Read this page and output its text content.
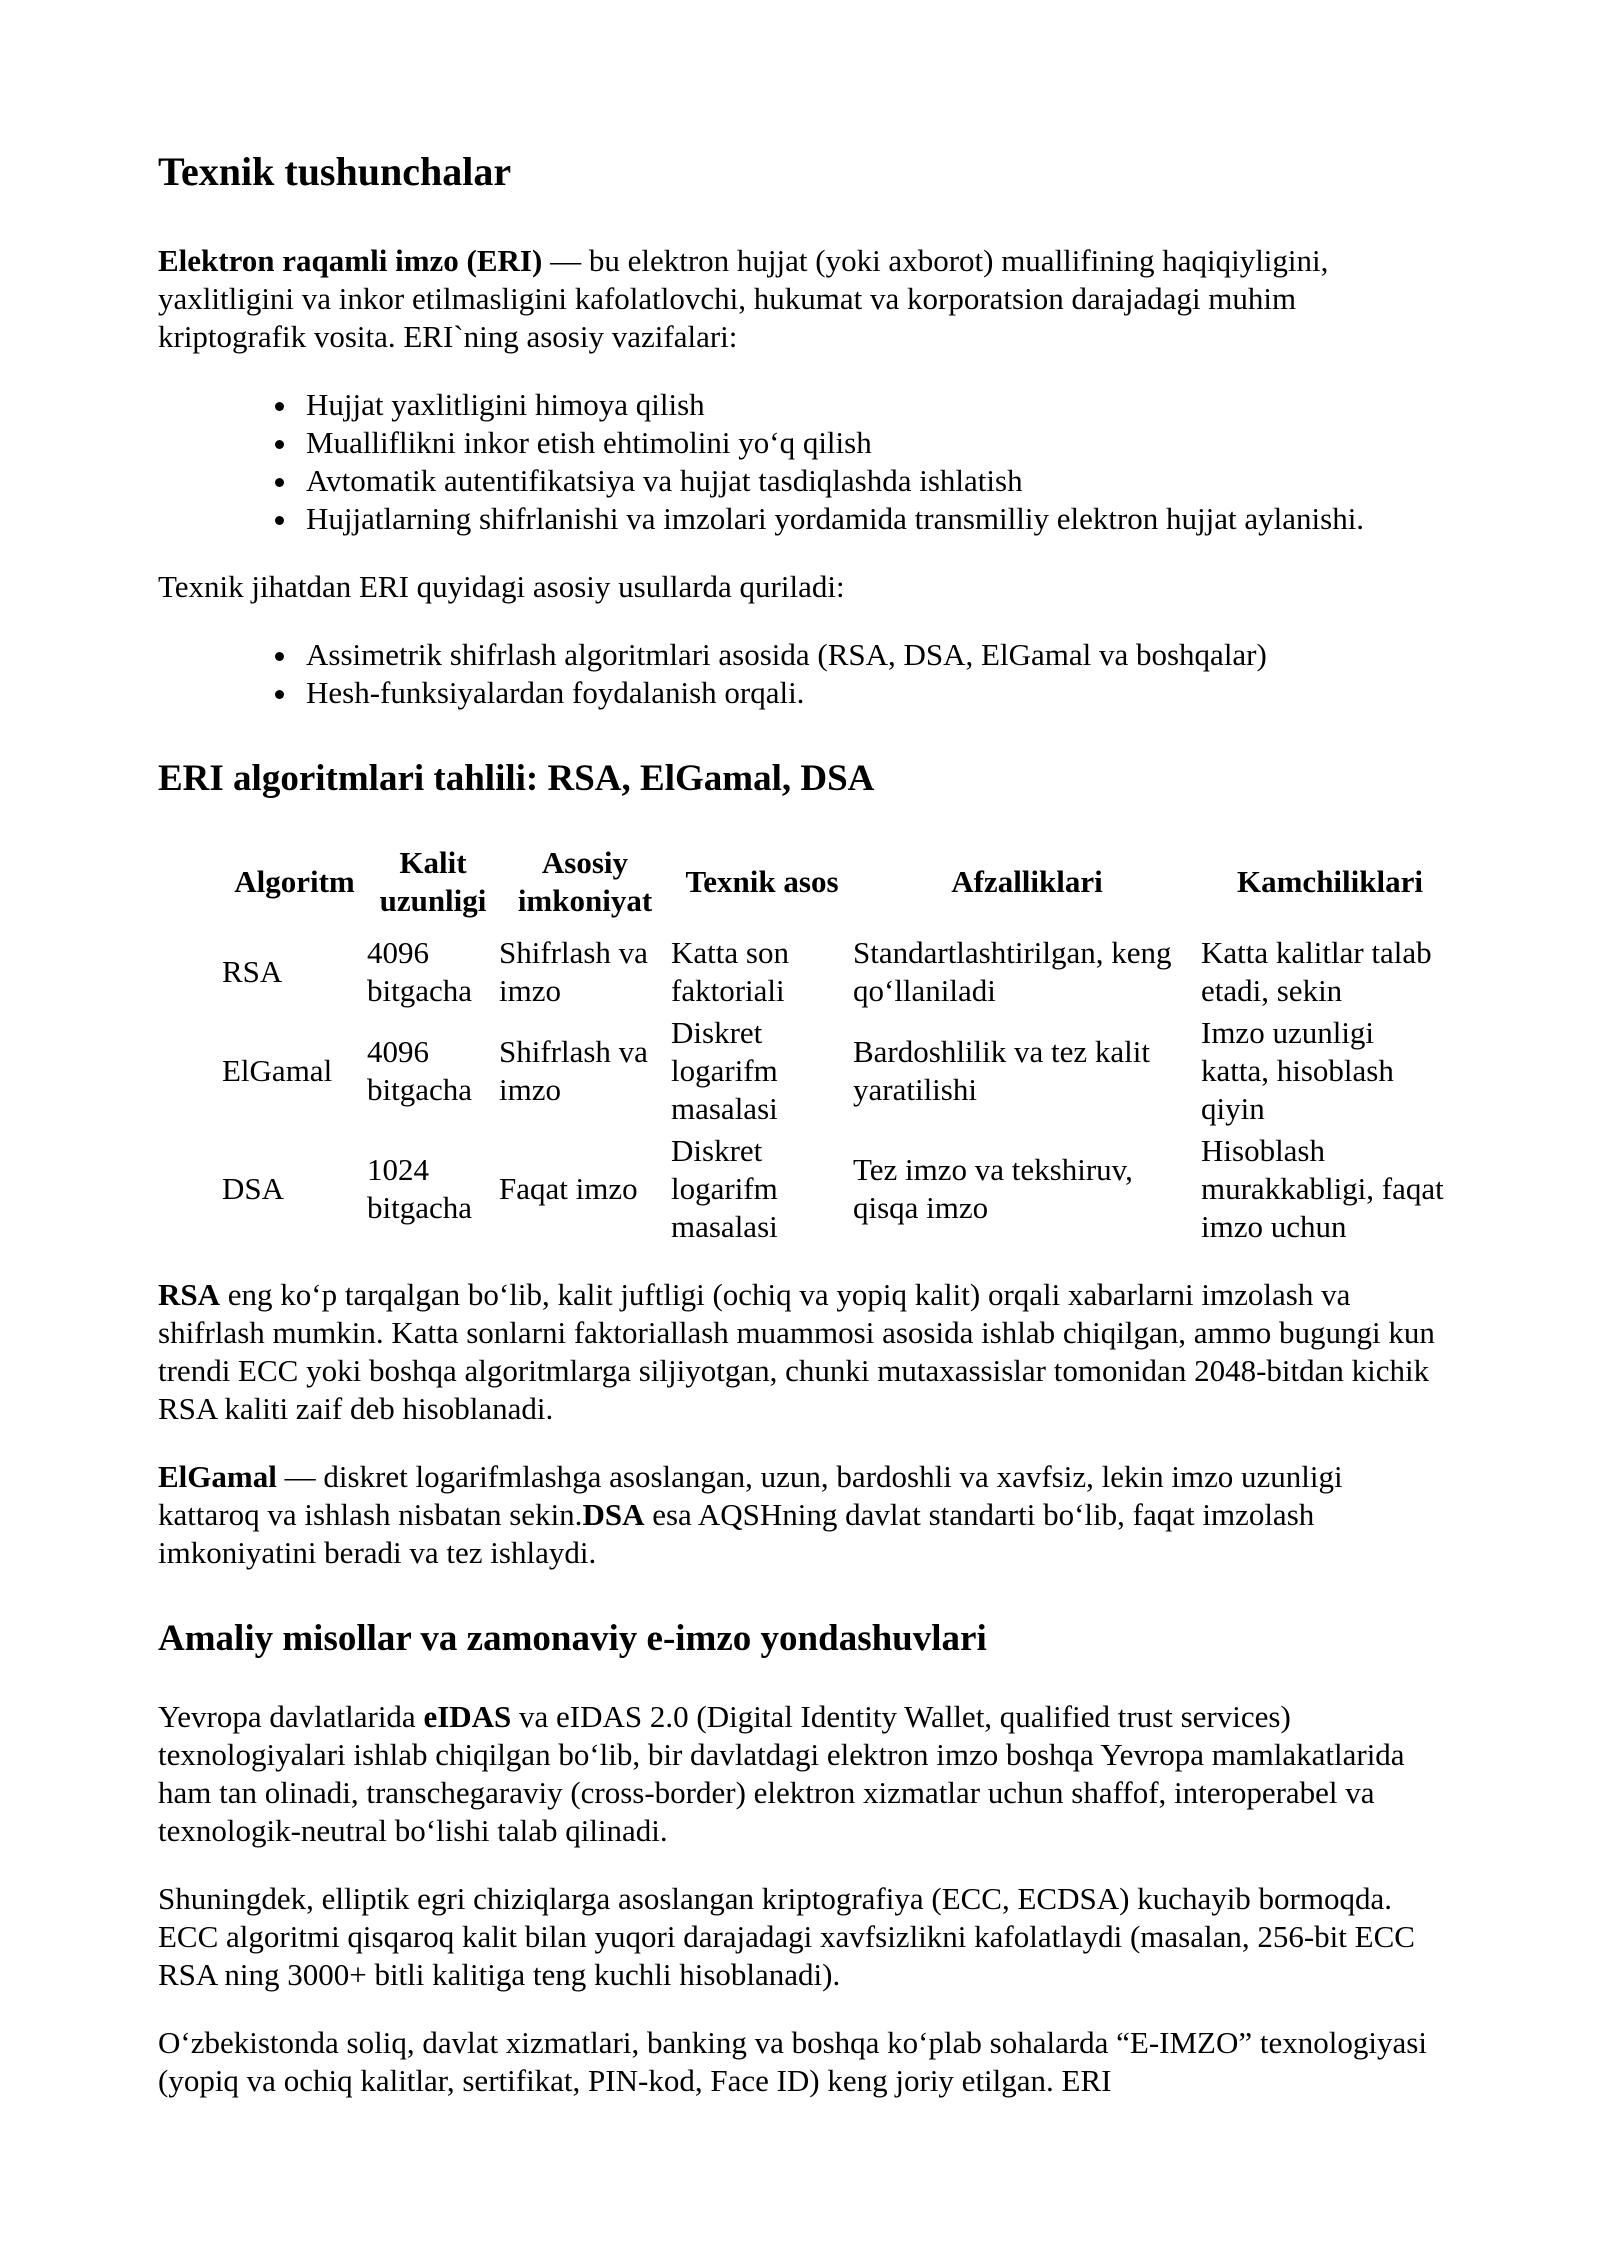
Texnik tushunchalar

Elektron raqamli imzo (ERI) — bu elektron hujjat (yoki axborot) muallifining haqiqiyligini, yaxlitligini va inkor etilmasligini kafolatlovchi, hukumat va korporatsion darajadagi muhim kriptografik vosita. ERI`ning asosiy vazifalari:

• Hujjat yaxlitligini himoya qilish
• Mualliflikni inkor etish ehtimolini yo‘q qilish
• Avtomatik autentifikatsiya va hujjat tasdiqlashda ishlatish
• Hujjatlarning shifrlanishi va imzolari yordamida transmilliy elektron hujjat aylanishi.

Texnik jihatdan ERI quyidagi asosiy usullarda quriladi:

• Assimetrik shifrlash algoritmlari asosida (RSA, DSA, ElGamal va boshqalar)
• Hesh-funksiyalardan foydalanish orqali.
ERI algoritmlari tahlili: RSA, ElGamal, DSA
Algoritm	Kalit uzunligi	Asosiy imkoniyat	Texnik asos	Afzalliklari	Kamchiliklari
RSA	4096 bitgacha	Shifrlash va imzo	Katta son faktoriali	Standartlashtirilgan, keng qo‘llaniladi	Katta kalitlar talab etadi, sekin
ElGamal	4096 bitgacha	Shifrlash va imzo	Diskret logarifm masalasi	Bardoshlilik va tez kalit yaratilishi	Imzo uzunligi katta, hisoblash qiyin
DSA	1024 bitgacha	Faqat imzo	Diskret logarifm masalasi	Tez imzo va tekshiruv, qisqa imzo	Hisoblash murakkabligi, faqat imzo uchun

RSA eng ko‘p tarqalgan bo‘lib, kalit juftligi (ochiq va yopiq kalit) orqali xabarlarni imzolash va shifrlash mumkin. Katta sonlarni faktoriallash muammosi asosida ishlab chiqilgan, ammo bugungi kun trendi ECC yoki boshqa algoritmlarga siljiyotgan, chunki mutaxassislar tomonidan 2048-bitdan kichik RSA kaliti zaif deb hisoblanadi.

ElGamal — diskret logarifmlashga asoslangan, uzun, bardoshli va xavfsiz, lekin imzo uzunligi kattaroq va ishlash nisbatan sekin.DSA esa AQSHning davlat standarti bo‘lib, faqat imzolash imkoniyatini beradi va tez ishlaydi.

Amaliy misollar va zamonaviy e-imzo yondashuvlari

Yevropa davlatlarida eIDAS va eIDAS 2.0 (Digital Identity Wallet, qualified trust services) texnologiyalari ishlab chiqilgan bo‘lib, bir davlatdagi elektron imzo boshqa Yevropa mamlakatlarida ham tan olinadi, transchegaraviy (cross-border) elektron xizmatlar uchun shaffof, interoperabel va texnologik-neutral bo‘lishi talab qilinadi.

Shuningdek, elliptik egri chiziqlarga asoslangan kriptografiya (ECC, ECDSA) kuchayib bormoqda. ECC algoritmi qisqaroq kalit bilan yuqori darajadagi xavfsizlikni kafolatlaydi (masalan, 256-bit ECC RSA ning 3000+ bitli kalitiga teng kuchli hisoblanadi).

O‘zbekistonda soliq, davlat xizmatlari, banking va boshqa ko‘plab sohalarda “E-IMZO” texnologiyasi (yopiq va ochiq kalitlar, sertifikat, PIN-kod, Face ID) keng joriy etilgan. ERI
